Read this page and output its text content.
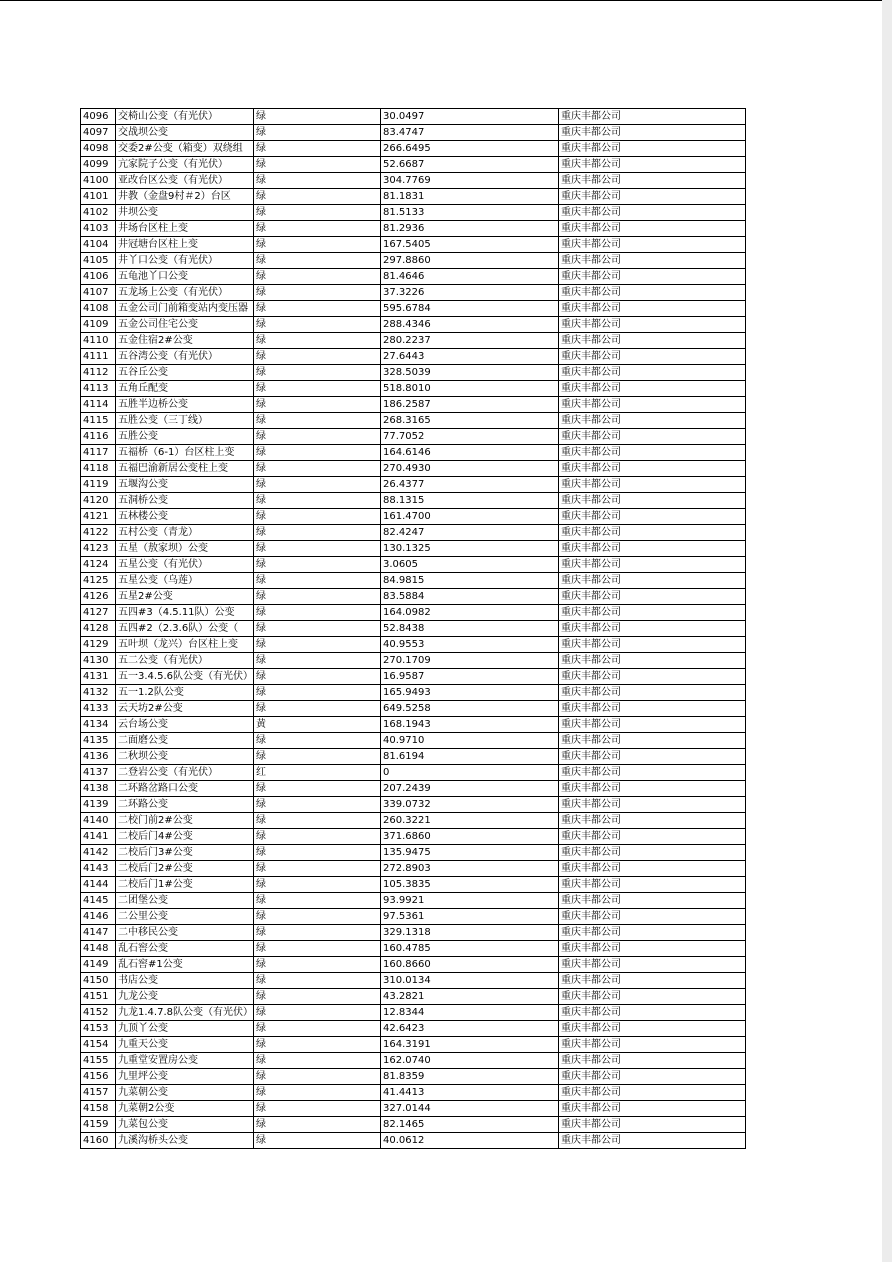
4096	交椅山公变（有光伏）	绿	30.0497	重庆丰都公司
4097	交战坝公变	绿	83.4747	重庆丰都公司
4098	交委2#公变（箱变）双绕组	绿	266.6495	重庆丰都公司
4099	亢家院子公变（有光伏）	绿	52.6687	重庆丰都公司
4100	亚改台区公变（有光伏）	绿	304.7769	重庆丰都公司
4101	井教（金盘9村＃2）台区	绿	81.1831	重庆丰都公司
4102	井坝公变	绿	81.5133	重庆丰都公司
4103	井场台区柱上变	绿	81.2936	重庆丰都公司
4104	井冠塘台区柱上变	绿	167.5405	重庆丰都公司
4105	井丫口公变（有光伏）	绿	297.8860	重庆丰都公司
4106	五龟池丫口公变	绿	81.4646	重庆丰都公司
4107	五龙场上公变（有光伏）	绿	37.3226	重庆丰都公司
4108	五金公司门前箱变站内变压器	绿	595.6784	重庆丰都公司
4109	五金公司住宅公变	绿	288.4346	重庆丰都公司
4110	五金住宿2#公变	绿	280.2237	重庆丰都公司
4111	五谷湾公变（有光伏）	绿	27.6443	重庆丰都公司
4112	五谷丘公变	绿	328.5039	重庆丰都公司
4113	五角丘配变	绿	518.8010	重庆丰都公司
4114	五胜半边桥公变	绿	186.2587	重庆丰都公司
4115	五胜公变（三丁线）	绿	268.3165	重庆丰都公司
4116	五胜公变	绿	77.7052	重庆丰都公司
4117	五福桥（6-1）台区柱上变	绿	164.6146	重庆丰都公司
4118	五福巴渝新居公变柱上变	绿	270.4930	重庆丰都公司
4119	五堰沟公变	绿	26.4377	重庆丰都公司
4120	五洞桥公变	绿	88.1315	重庆丰都公司
4121	五林楼公变	绿	161.4700	重庆丰都公司
4122	五村公变（青龙）	绿	82.4247	重庆丰都公司
4123	五星（敖家坝）公变	绿	130.1325	重庆丰都公司
4124	五星公变（有光伏）	绿	3.0605	重庆丰都公司
4125	五星公变（乌莲）	绿	84.9815	重庆丰都公司
4126	五星2#公变	绿	83.5884	重庆丰都公司
4127	五四#3（4.5.11队）公变	绿	164.0982	重庆丰都公司
4128	五四#2（2.3.6队）公变（	绿	52.8438	重庆丰都公司
4129	五叶坝（龙兴）台区柱上变	绿	40.9553	重庆丰都公司
4130	五二公变（有光伏）	绿	270.1709	重庆丰都公司
4131	五一3.4.5.6队公变（有光伏）	绿	16.9587	重庆丰都公司
4132	五一1.2队公变	绿	165.9493	重庆丰都公司
4133	云天坊2#公变	绿	649.5258	重庆丰都公司
4134	云台场公变	黄	168.1943	重庆丰都公司
4135	二面磨公变	绿	40.9710	重庆丰都公司
4136	二秋坝公变	绿	81.6194	重庆丰都公司
4137	二登岩公变（有光伏）	红	0	重庆丰都公司
4138	二环路岔路口公变	绿	207.2439	重庆丰都公司
4139	二环路公变	绿	339.0732	重庆丰都公司
4140	二校门前2#公变	绿	260.3221	重庆丰都公司
4141	二校后门4#公变	绿	371.6860	重庆丰都公司
4142	二校后门3#公变	绿	135.9475	重庆丰都公司
4143	二校后门2#公变	绿	272.8903	重庆丰都公司
4144	二校后门1#公变	绿	105.3835	重庆丰都公司
4145	二团堡公变	绿	93.9921	重庆丰都公司
4146	二公里公变	绿	97.5361	重庆丰都公司
4147	二中移民公变	绿	329.1318	重庆丰都公司
4148	乱石窖公变	绿	160.4785	重庆丰都公司
4149	乱石窖#1公变	绿	160.8660	重庆丰都公司
4150	书店公变	绿	310.0134	重庆丰都公司
4151	九龙公变	绿	43.2821	重庆丰都公司
4152	九龙1.4.7.8队公变（有光伏）	绿	12.8344	重庆丰都公司
4153	九顶丫公变	绿	42.6423	重庆丰都公司
4154	九重天公变	绿	164.3191	重庆丰都公司
4155	九重堂安置房公变	绿	162.0740	重庆丰都公司
4156	九里坪公变	绿	81.8359	重庆丰都公司
4157	九菜朝公变	绿	41.4413	重庆丰都公司
4158	九菜朝2公变	绿	327.0144	重庆丰都公司
4159	九菜包公变	绿	82.1465	重庆丰都公司
4160	九溪沟桥头公变	绿	40.0612	重庆丰都公司
